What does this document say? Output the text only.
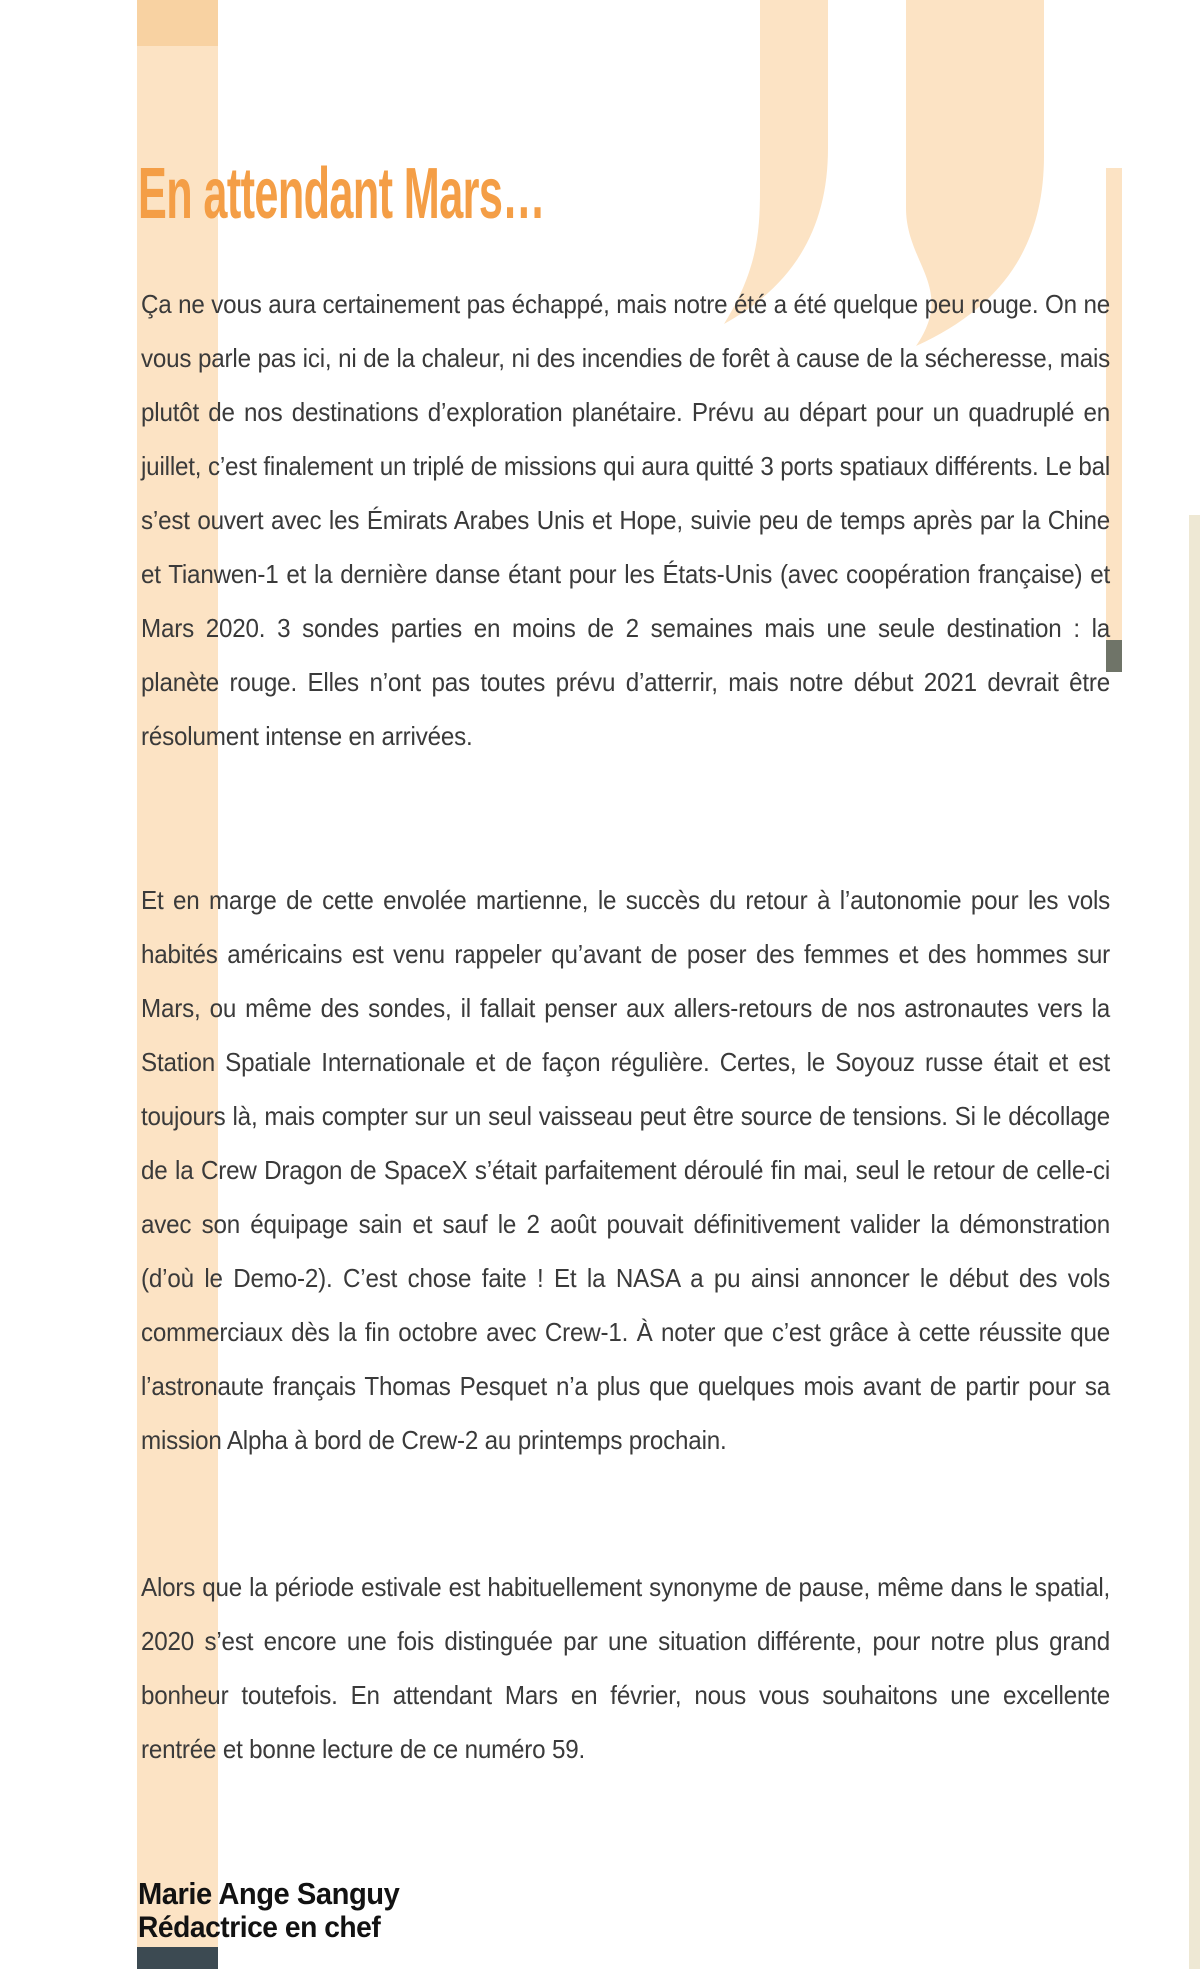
En attendant Mars…

Ça ne vous aura certainement pas échappé, mais notre été a été quelque peu rouge. On ne vous parle pas ici, ni de la chaleur, ni des incendies de forêt à cause de la sécheresse, mais plutôt de nos destinations d’exploration planétaire. Prévu au départ pour un quadruplé en juillet, c’est finalement un triplé de missions qui aura quitté 3 ports spatiaux différents. Le bal s’est ouvert avec les Émirats Arabes Unis et Hope, suivie peu de temps après par la Chine et Tianwen-1 et la dernière danse étant pour les États-Unis (avec coopération française) et Mars 2020. 3 sondes parties en moins de 2 semaines mais une seule destination : la planète rouge. Elles n’ont pas toutes prévu d’atterrir, mais notre début 2021 devrait être résolument intense en arrivées.

Et en marge de cette envolée martienne, le succès du retour à l’autonomie pour les vols habités américains est venu rappeler qu’avant de poser des femmes et des hommes sur Mars, ou même des sondes, il fallait penser aux allers-retours de nos astronautes vers la Station Spatiale Internationale et de façon régulière. Certes, le Soyouz russe était et est toujours là, mais compter sur un seul vaisseau peut être source de tensions. Si le décollage de la Crew Dragon de SpaceX s’était parfaitement déroulé fin mai, seul le retour de celle-ci avec son équipage sain et sauf le 2 août pouvait définitivement valider la démonstration (d’où le Demo-2). C’est chose faite ! Et la NASA a pu ainsi annoncer le début des vols commerciaux dès la fin octobre avec Crew-1. À noter que c’est grâce à cette réussite que l’astronaute français Thomas Pesquet n’a plus que quelques mois avant de partir pour sa mission Alpha à bord de Crew-2 au printemps prochain.

Alors que la période estivale est habituellement synonyme de pause, même dans le spatial, 2020 s’est encore une fois distinguée par une situation différente, pour notre plus grand bonheur toutefois. En attendant Mars en février, nous vous souhaitons une excellente rentrée et bonne lecture de ce numéro 59.

Marie Ange Sanguy
Rédactrice en chef
